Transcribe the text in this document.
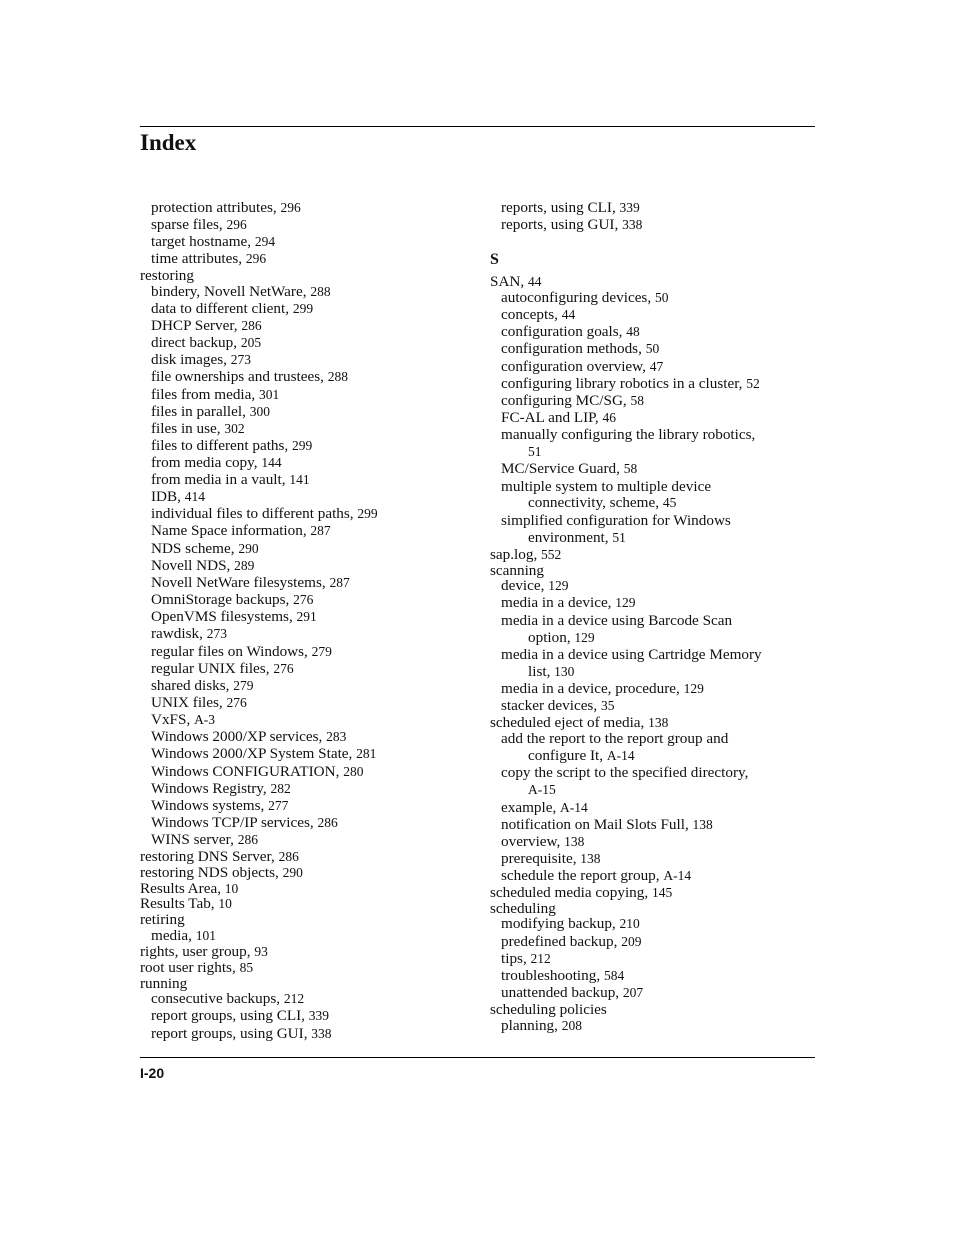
Index
protection attributes, 296
sparse files, 296
target hostname, 294
time attributes, 296
restoring
bindery, Novell NetWare, 288
data to different client, 299
DHCP Server, 286
direct backup, 205
disk images, 273
file ownerships and trustees, 288
files from media, 301
files in parallel, 300
files in use, 302
files to different paths, 299
from media copy, 144
from media in a vault, 141
IDB, 414
individual files to different paths, 299
Name Space information, 287
NDS scheme, 290
Novell NDS, 289
Novell NetWare filesystems, 287
OmniStorage backups, 276
OpenVMS filesystems, 291
rawdisk, 273
regular files on Windows, 279
regular UNIX files, 276
shared disks, 279
UNIX files, 276
VxFS, A-3
Windows 2000/XP services, 283
Windows 2000/XP System State, 281
Windows CONFIGURATION, 280
Windows Registry, 282
Windows systems, 277
Windows TCP/IP services, 286
WINS server, 286
restoring DNS Server, 286
restoring NDS objects, 290
Results Area, 10
Results Tab, 10
retiring
media, 101
rights, user group, 93
root user rights, 85
running
consecutive backups, 212
report groups, using CLI, 339
report groups, using GUI, 338
reports, using CLI, 339
reports, using GUI, 338
S
SAN, 44
autoconfiguring devices, 50
concepts, 44
configuration goals, 48
configuration methods, 50
configuration overview, 47
configuring library robotics in a cluster, 52
configuring MC/SG, 58
FC-AL and LIP, 46
manually configuring the library robotics,
51
MC/Service Guard, 58
multiple system to multiple device
connectivity, scheme, 45
simplified configuration for Windows
environment, 51
sap.log, 552
scanning
device, 129
media in a device, 129
media in a device using Barcode Scan
option, 129
media in a device using Cartridge Memory
list, 130
media in a device, procedure, 129
stacker devices, 35
scheduled eject of media, 138
add the report to the report group and
configure It, A-14
copy the script to the specified directory,
A-15
example, A-14
notification on Mail Slots Full, 138
overview, 138
prerequisite, 138
schedule the report group, A-14
scheduled media copying, 145
scheduling
modifying backup, 210
predefined backup, 209
tips, 212
troubleshooting, 584
unattended backup, 207
scheduling policies
planning, 208
I-20
